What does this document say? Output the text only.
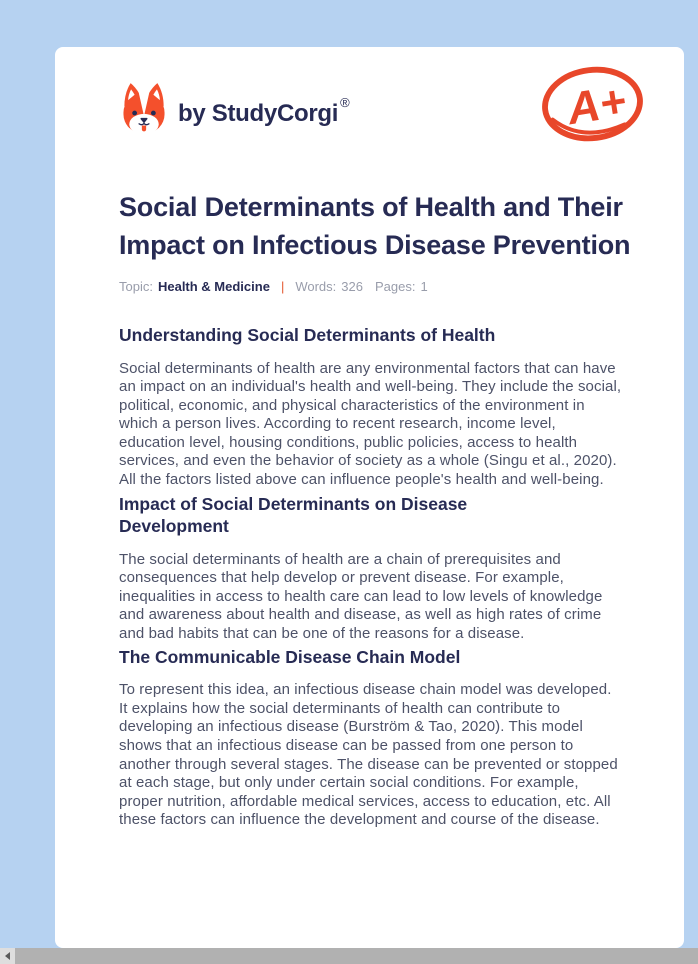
by StudyCorgi ®	A+
Social Determinants of Health and Their Impact on Infectious Disease Prevention
Topic: Health & Medicine | Words: 326 Pages: 1
Understanding Social Determinants of Health

Social determinants of health are any environmental factors that can have an impact on an individual's health and well-being. They include the social, political, economic, and physical characteristics of the environment in which a person lives. According to recent research, income level, education level, housing conditions, public policies, access to health services, and even the behavior of society as a whole (Singu et al., 2020). All the factors listed above can influence people's health and well-being.

Impact of Social Determinants on Disease Development

The social determinants of health are a chain of prerequisites and consequences that help develop or prevent disease. For example, inequalities in access to health care can lead to low levels of knowledge and awareness about health and disease, as well as high rates of crime and bad habits that can be one of the reasons for a disease.

The Communicable Disease Chain Model

To represent this idea, an infectious disease chain model was developed. It explains how the social determinants of health can contribute to developing an infectious disease (Burström & Tao, 2020). This model shows that an infectious disease can be passed from one person to another through several stages. The disease can be prevented or stopped at each stage, but only under certain social conditions. For example, proper nutrition, affordable medical services, access to education, etc. All these factors can influence the development and course of the disease.
